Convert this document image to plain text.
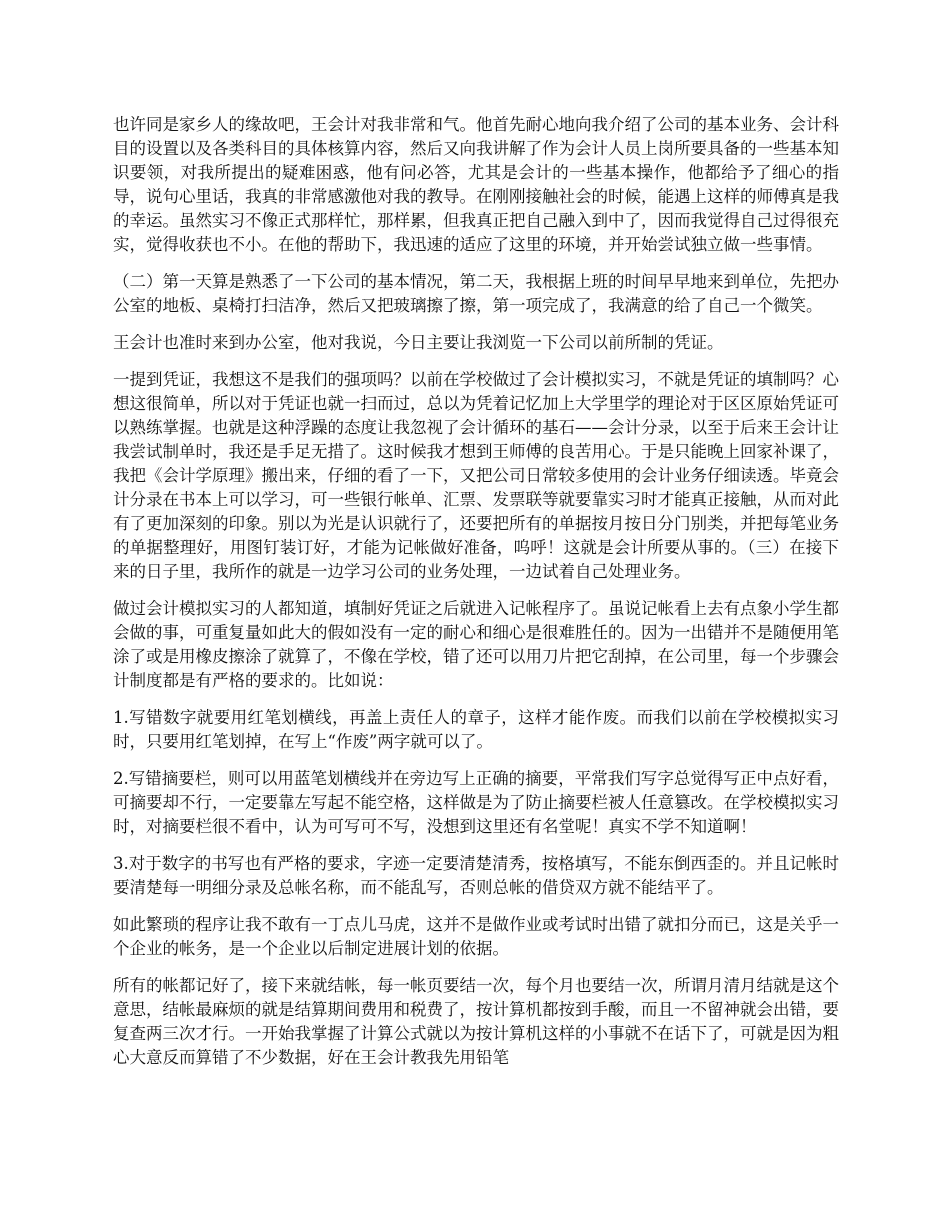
也许同是家乡人的缘故吧，王会计对我非常和气。他首先耐心地向我介绍了公司的基本业务、会计科目的设置以及各类科目的具体核算内容，然后又向我讲解了作为会计人员上岗所要具备的一些基本知识要领，对我所提出的疑难困惑，他有问必答，尤其是会计的一些基本操作，他都给予了细心的指导，说句心里话，我真的非常感激他对我的教导。在刚刚接触社会的时候，能遇上这样的师傅真是我的幸运。虽然实习不像正式那样忙，那样累，但我真正把自己融入到中了，因而我觉得自己过得很充实，觉得收获也不小。在他的帮助下，我迅速的适应了这里的环境，并开始尝试独立做一些事情。

（二）第一天算是熟悉了一下公司的基本情况，第二天，我根据上班的时间早早地来到单位，先把办公室的地板、桌椅打扫洁净，然后又把玻璃擦了擦，第一项完成了，我满意的给了自己一个微笑。

王会计也准时来到办公室，他对我说，今日主要让我浏览一下公司以前所制的凭证。

一提到凭证，我想这不是我们的强项吗？以前在学校做过了会计模拟实习，不就是凭证的填制吗？心想这很简单，所以对于凭证也就一扫而过，总以为凭着记忆加上大学里学的理论对于区区原始凭证可以熟练掌握。也就是这种浮躁的态度让我忽视了会计循环的基石——会计分录，以至于后来王会计让我尝试制单时，我还是手足无措了。这时候我才想到王师傅的良苦用心。于是只能晚上回家补课了，我把《会计学原理》搬出来，仔细的看了一下，又把公司日常较多使用的会计业务仔细读透。毕竟会计分录在书本上可以学习，可一些银行帐单、汇票、发票联等就要靠实习时才能真正接触，从而对此有了更加深刻的印象。别以为光是认识就行了，还要把所有的单据按月按日分门别类，并把每笔业务的单据整理好，用图钉装订好，才能为记帐做好准备，呜呼！这就是会计所要从事的。（三）在接下来的日子里，我所作的就是一边学习公司的业务处理，一边试着自己处理业务。

做过会计模拟实习的人都知道，填制好凭证之后就进入记帐程序了。虽说记帐看上去有点象小学生都会做的事，可重复量如此大的假如没有一定的耐心和细心是很难胜任的。因为一出错并不是随便用笔涂了或是用橡皮擦涂了就算了，不像在学校，错了还可以用刀片把它刮掉，在公司里，每一个步骤会计制度都是有严格的要求的。比如说：

1.写错数字就要用红笔划横线，再盖上责任人的章子，这样才能作废。而我们以前在学校模拟实习时，只要用红笔划掉，在写上“作废”两字就可以了。

2.写错摘要栏，则可以用蓝笔划横线并在旁边写上正确的摘要，平常我们写字总觉得写正中点好看，可摘要却不行，一定要靠左写起不能空格，这样做是为了防止摘要栏被人任意篡改。在学校模拟实习时，对摘要栏很不看中，认为可写可不写，没想到这里还有名堂呢！真实不学不知道啊！

3.对于数字的书写也有严格的要求，字迹一定要清楚清秀，按格填写，不能东倒西歪的。并且记帐时要清楚每一明细分录及总帐名称，而不能乱写，否则总帐的借贷双方就不能结平了。

如此繁琐的程序让我不敢有一丁点儿马虎，这并不是做作业或考试时出错了就扣分而已，这是关乎一个企业的帐务，是一个企业以后制定进展计划的依据。

所有的帐都记好了，接下来就结帐，每一帐页要结一次，每个月也要结一次，所谓月清月结就是这个意思，结帐最麻烦的就是结算期间费用和税费了，按计算机都按到手酸，而且一不留神就会出错，要复查两三次才行。一开始我掌握了计算公式就以为按计算机这样的小事就不在话下了，可就是因为粗心大意反而算错了不少数据，好在王会计教我先用铅笔
